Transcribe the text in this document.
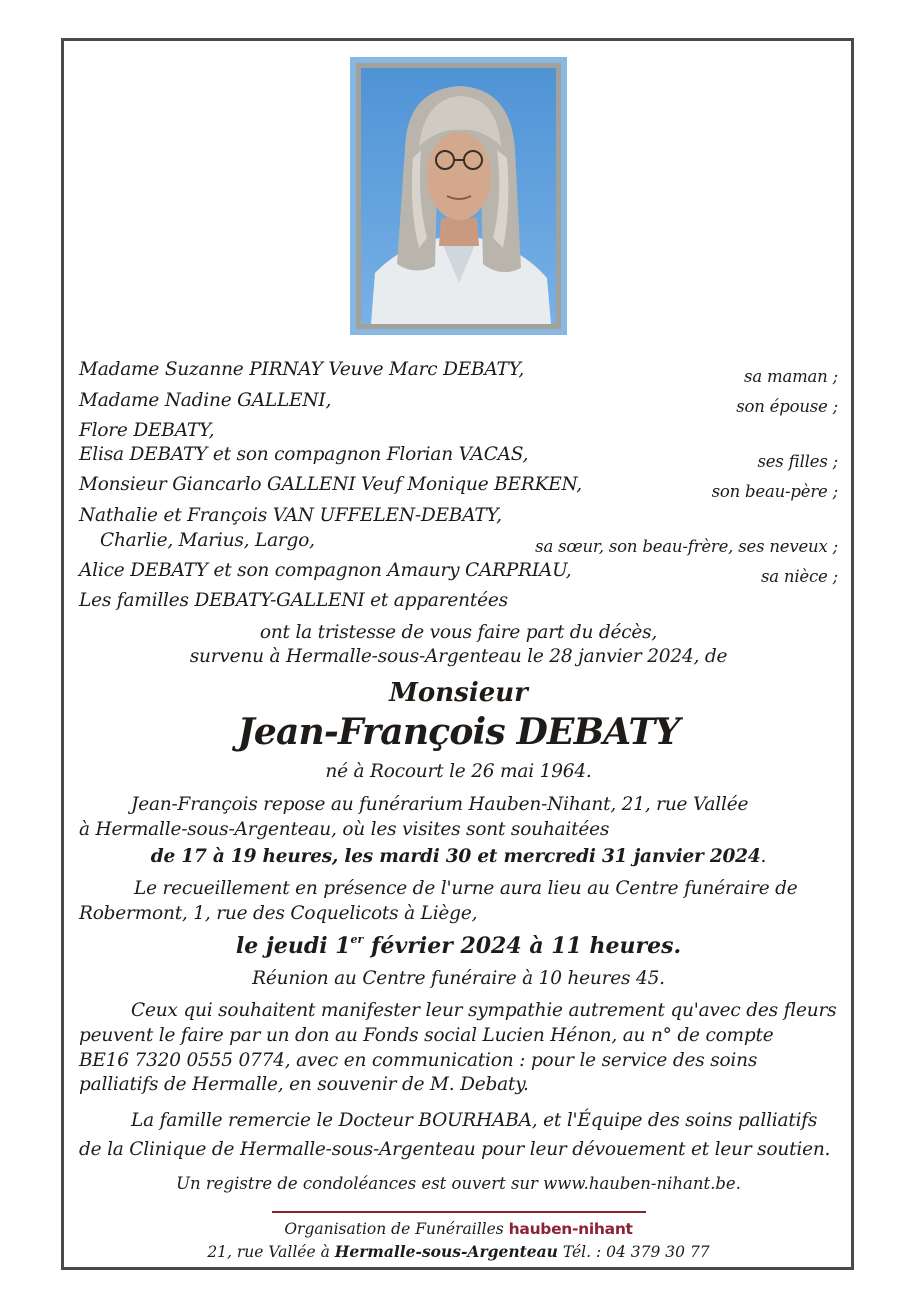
Madame Suzanne PIRNAY Veuve Marc DEBATY,
Madame Nadine GALLENI,
Flore DEBATY,
Elisa DEBATY et son compagnon Florian VACAS,
Monsieur Giancarlo GALLENI Veuf Monique BERKEN,
Nathalie et François VAN UFFELEN-DEBATY,
Charlie, Marius, Largo,
Alice DEBATY et son compagnon Amaury CARPRIAU,
Les familles DEBATY-GALLENI et apparentées
sa maman ;
son épouse ;
ses filles ;
son beau-père ;
sa sœur, son beau-frère, ses neveux ;
sa nièce ;
ont la tristesse de vous faire part du décès,
survenu à Hermalle-sous-Argenteau le 28 janvier 2024, de
Monsieur
Jean-François DEBATY
né à Rocourt le 26 mai 1964.
Jean-François repose au funérarium Hauben-Nihant, 21, rue Vallée
à Hermalle-sous-Argenteau, où les visites sont souhaitées
de 17 à 19 heures, les mardi 30 et mercredi 31 janvier 2024.
Le recueillement en présence de l'urne aura lieu au Centre funéraire de
Robermont, 1, rue des Coquelicots à Liège,
le jeudi 1er février 2024 à 11 heures.
Réunion au Centre funéraire à 10 heures 45.
Ceux qui souhaitent manifester leur sympathie autrement qu'avec des fleurs
peuvent le faire par un don au Fonds social Lucien Hénon, au n° de compte
BE16 7320 0555 0774, avec en communication : pour le service des soins
palliatifs de Hermalle, en souvenir de M. Debaty.
La famille remercie le Docteur BOURHABA, et l'Équipe des soins palliatifs
de la Clinique de Hermalle-sous-Argenteau pour leur dévouement et leur soutien.
Un registre de condoléances est ouvert sur www.hauben-nihant.be.
Organisation de Funérailles hauben-nihant
21, rue Vallée à Hermalle-sous-Argenteau Tél. : 04 379 30 77
